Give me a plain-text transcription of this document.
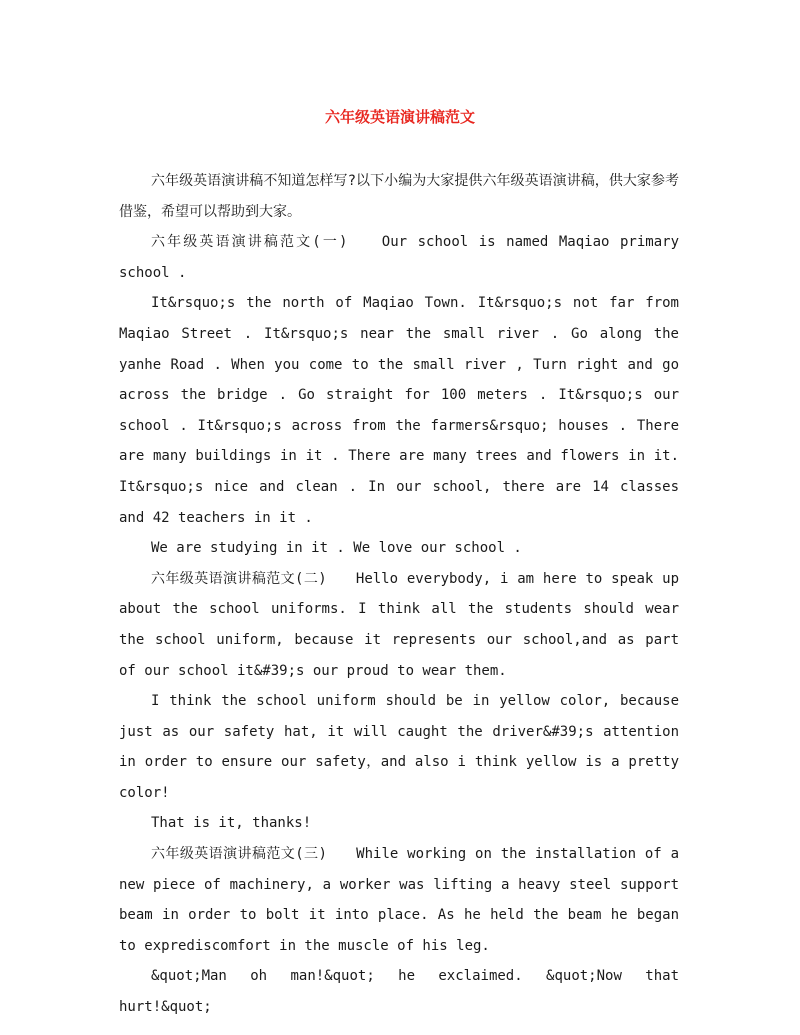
六年级英语演讲稿范文

六年级英语演讲稿不知道怎样写?以下小编为大家提供六年级英语演讲稿，供大家参考借鉴，希望可以帮助到大家。

六年级英语演讲稿范文(一)　　Our school is named Maqiao primary school .

It&rsquo;s the north of Maqiao Town. It&rsquo;s not far from Maqiao Street . It&rsquo;s near the small river . Go along the yanhe Road . When you come to the small river , Turn right and go across the bridge . Go straight for 100 meters . It&rsquo;s our school . It&rsquo;s across from the farmers&rsquo; houses . There are many buildings in it . There are many trees and flowers in it. It&rsquo;s nice and clean . In our school, there are 14 classes and 42 teachers in it .

We are studying in it . We love our school .

六年级英语演讲稿范文(二)　　Hello everybody, i am here to speak up about the school uniforms. I think all the students should wear the school uniform, because it represents our school,and as part of our school it&#39;s our proud to wear them.

I think the school uniform should be in yellow color, because just as our safety hat, it will caught the driver&#39;s attention in order to ensure our safety，and also i think yellow is a pretty color!

That is it, thanks!

六年级英语演讲稿范文(三)　　While working on the installation of a new piece of machinery, a worker was lifting a heavy steel support beam in order to bolt it into place. As he held the beam he began to exprediscomfort in the muscle of his leg.

&quot;Man oh man!&quot; he exclaimed. &quot;Now that hurt!&quot;
